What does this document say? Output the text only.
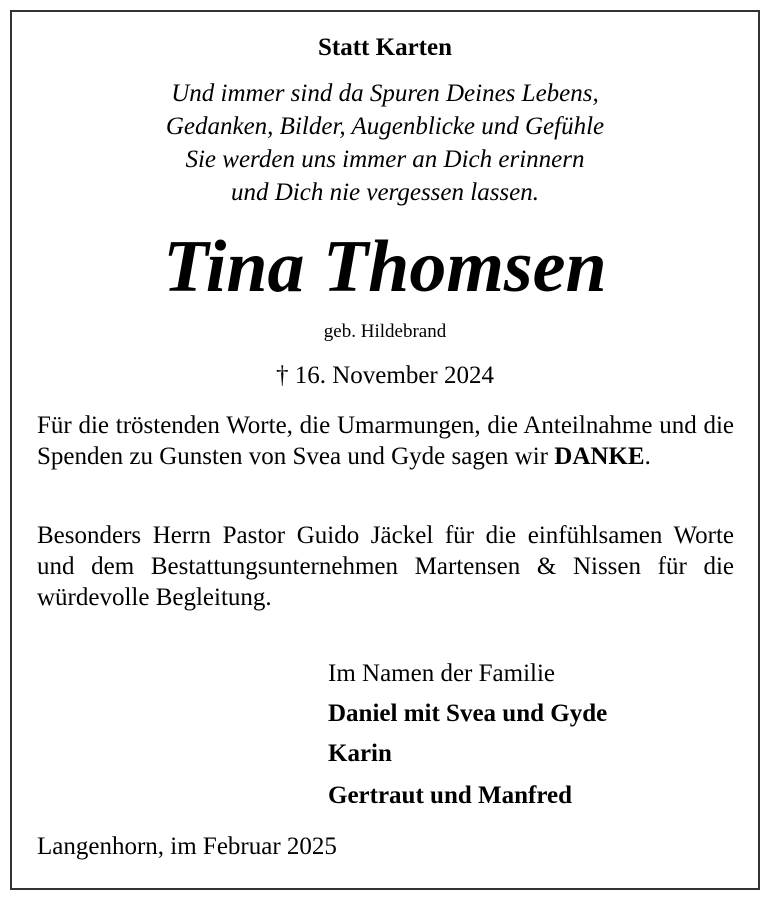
Statt Karten

Und immer sind da Spuren Deines Lebens,

Gedanken, Bilder, Augenblicke und Gefühle

Sie werden uns immer an Dich erinnern

und Dich nie vergessen lassen.

Tina Thomsen

geb. Hildebrand

† 16. November 2024

Für die tröstenden Worte, die Umarmungen, die Anteilnahme und die Spenden zu Gunsten von Svea und Gyde sagen wir DANKE.

Besonders Herrn Pastor Guido Jäckel für die einfühlsamen Worte und dem Bestattungsunternehmen Martensen & Nissen für die würdevolle Begleitung.

Im Namen der Familie

Daniel mit Svea und Gyde

Karin

Gertraut und Manfred

Langenhorn, im Februar 2025
